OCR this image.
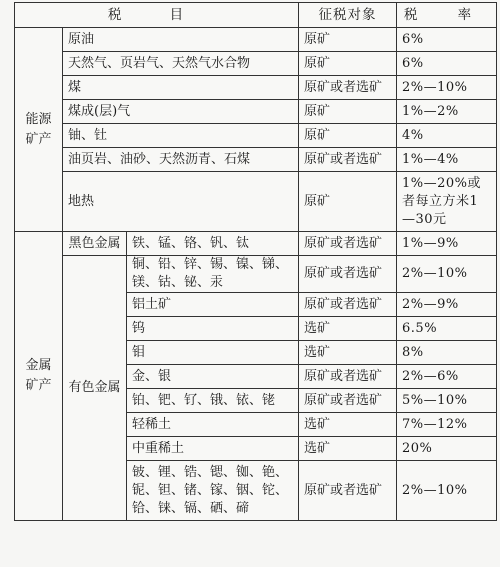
税 目			征税对象	税 率
能源矿产	原油		原矿	6%
	天然气、页岩气、天然气水合物		原矿	6%
	煤		原矿或者选矿	2%—10%
	煤成(层)气		原矿	1%—2%
	铀、钍		原矿	4%
	油页岩、油砂、天然沥青、石煤		原矿或者选矿	1%—4%
	地热		原矿	1%—20%或者每立方米1—30元
金属矿产	黑色金属	铁、锰、铬、钒、钛	原矿或者选矿	1%—9%
	有色金属	铜、铅、锌、锡、镍、锑、镁、钴、铋、汞	原矿或者选矿	2%—10%
		铝土矿	原矿或者选矿	2%—9%
		钨	选矿	6.5%
		钼	选矿	8%
		金、银	原矿或者选矿	2%—6%
		铂、钯、钌、锇、铱、铑	原矿或者选矿	5%—10%
		轻稀土	选矿	7%—12%
		中重稀土	选矿	20%
		铍、锂、锆、锶、铷、铯、铌、钽、锗、镓、铟、铊、铪、铼、镉、硒、碲	原矿或者选矿	2%—10%
